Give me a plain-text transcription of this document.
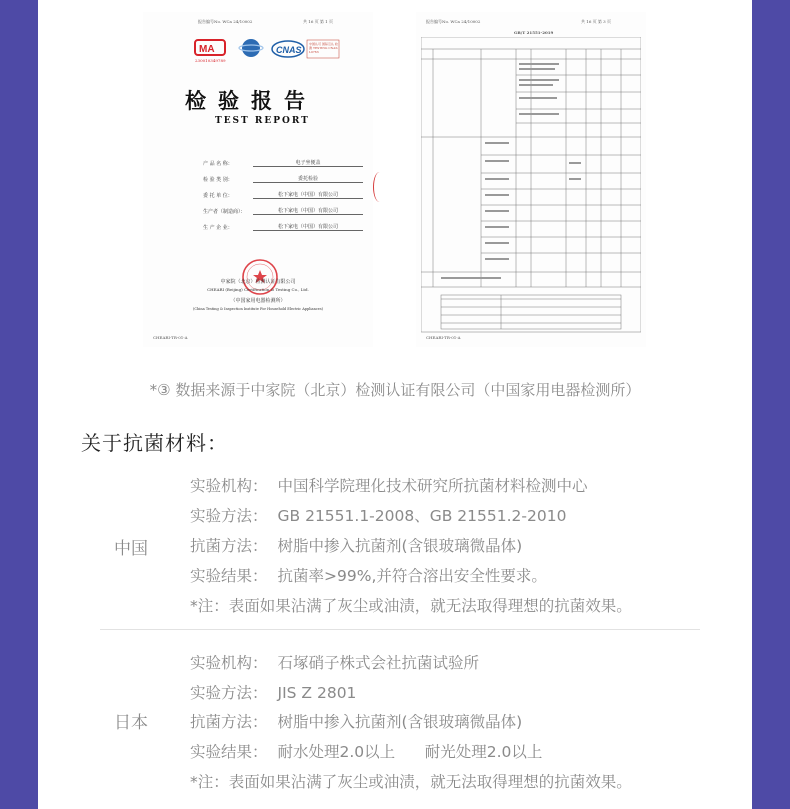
报告编号No. WCa 24/10002	共 16 页 第 1 页
MA	CNAS
230010349789
中国认可 国际互认 检测 TESTING CNAS L0763
检验报告
TEST REPORT
产 品 名 称：	电子坐便盖
检 验 类 别：	委托检验
委 托 单 位：	松下家电（中国）有限公司
生产者（制造商）：	松下家电（中国）有限公司
生 产 企 业：	松下家电（中国）有限公司
中家院（北京）检测认证有限公司
CHEARI (Beijing) Certification & Testing Co., Ltd.
（中国家用电器检测所）
(China Testing & Inspection Institute For Household Electric Appliances)
CHEARI-TR-01-A
报告编号No. WCa 24/10002	共 16 页 第 3 页
GB/T 21551-2019
CHEARI-TR-01-A
*③ 数据来源于中家院（北京）检测认证有限公司（中国家用电器检测所）
关于抗菌材料：
中国
实验机构： 中国科学院理化技术研究所抗菌材料检测中心
实验方法： GB 21551.1-2008、GB 21551.2-2010
抗菌方法： 树脂中掺入抗菌剂(含银玻璃微晶体)
实验结果： 抗菌率>99%,并符合溶出安全性要求。
*注：表面如果沾满了灰尘或油渍，就无法取得理想的抗菌效果。
日本
实验机构： 石塚硝子株式会社抗菌试验所
实验方法： JIS Z 2801
抗菌方法： 树脂中掺入抗菌剂(含银玻璃微晶体)
实验结果： 耐水处理2.0以上      耐光处理2.0以上
*注：表面如果沾满了灰尘或油渍，就无法取得理想的抗菌效果。
